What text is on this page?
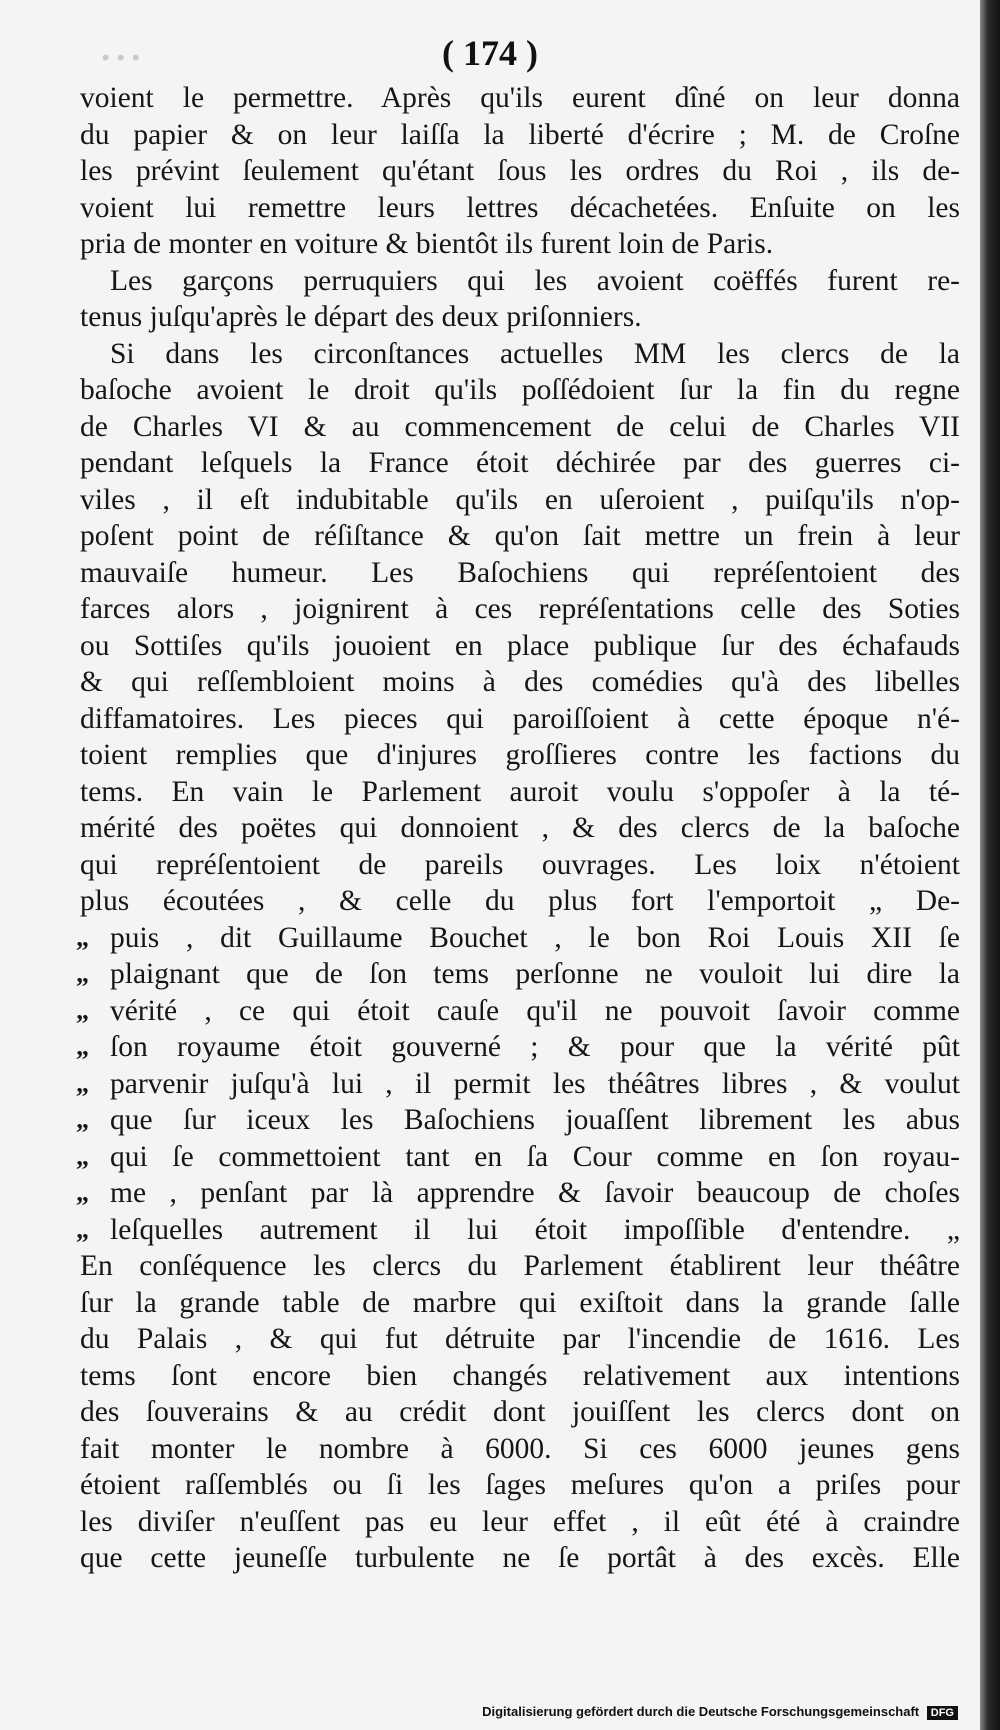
...	( 174 )
voient le permettre. Après qu'ils eurent dîné on leur donna
du papier & on leur laiſſa la liberté d'écrire ; M. de Croſne
les prévint ſeulement qu'étant ſous les ordres du Roi , ils de-
voient lui remettre leurs lettres décachetées. Enſuite on les
pria de monter en voiture & bientôt ils furent loin de Paris.
Les garçons perruquiers qui les avoient coëffés furent re-
tenus juſqu'après le départ des deux priſonniers.
Si dans les circonſtances actuelles MM les clercs de la
baſoche avoient le droit qu'ils poſſédoient ſur la fin du regne
de Charles VI & au commencement de celui de Charles VII
pendant leſquels la France étoit déchirée par des guerres ci-
viles , il eſt indubitable qu'ils en uſeroient , puiſqu'ils n'op-
poſent point de réſiſtance & qu'on ſait mettre un frein à leur
mauvaiſe humeur. Les Baſochiens qui repréſentoient des
farces alors , joignirent à ces repréſentations celle des Soties
ou Sottiſes qu'ils jouoient en place publique ſur des échafauds
& qui reſſembloient moins à des comédies qu'à des libelles
diffamatoires. Les pieces qui paroiſſoient à cette époque n'é-
toient remplies que d'injures groſſieres contre les factions du
tems. En vain le Parlement auroit voulu s'oppoſer à la té-
mérité des poëtes qui donnoient , & des clercs de la baſoche
qui repréſentoient de pareils ouvrages. Les loix n'étoient
plus écoutées , & celle du plus fort l'emportoit „ De-
„ puis , dit Guillaume Bouchet , le bon Roi Louis XII ſe
„ plaignant que de ſon tems perſonne ne vouloit lui dire la
„ vérité , ce qui étoit cauſe qu'il ne pouvoit ſavoir comme
„ ſon royaume étoit gouverné ; & pour que la vérité pût
„ parvenir juſqu'à lui , il permit les théâtres libres , & voulut
„ que ſur iceux les Baſochiens jouaſſent librement les abus
„ qui ſe commettoient tant en ſa Cour comme en ſon royau-
„ me , penſant par là apprendre & ſavoir beaucoup de choſes
„ leſquelles autrement il lui étoit impoſſible d'entendre. „
En conſéquence les clercs du Parlement établirent leur théâtre
ſur la grande table de marbre qui exiſtoit dans la grande ſalle
du Palais , & qui fut détruite par l'incendie de 1616. Les
tems ſont encore bien changés relativement aux intentions
des ſouverains & au crédit dont jouiſſent les clercs dont on
fait monter le nombre à 6000. Si ces 6000 jeunes gens
étoient raſſemblés ou ſi les ſages meſures qu'on a priſes pour
les diviſer n'euſſent pas eu leur effet , il eût été à craindre
que cette jeuneſſe turbulente ne ſe portât à des excès. Elle
Digitalisierung gefördert durch die Deutsche Forschungsgemeinschaft DFG
